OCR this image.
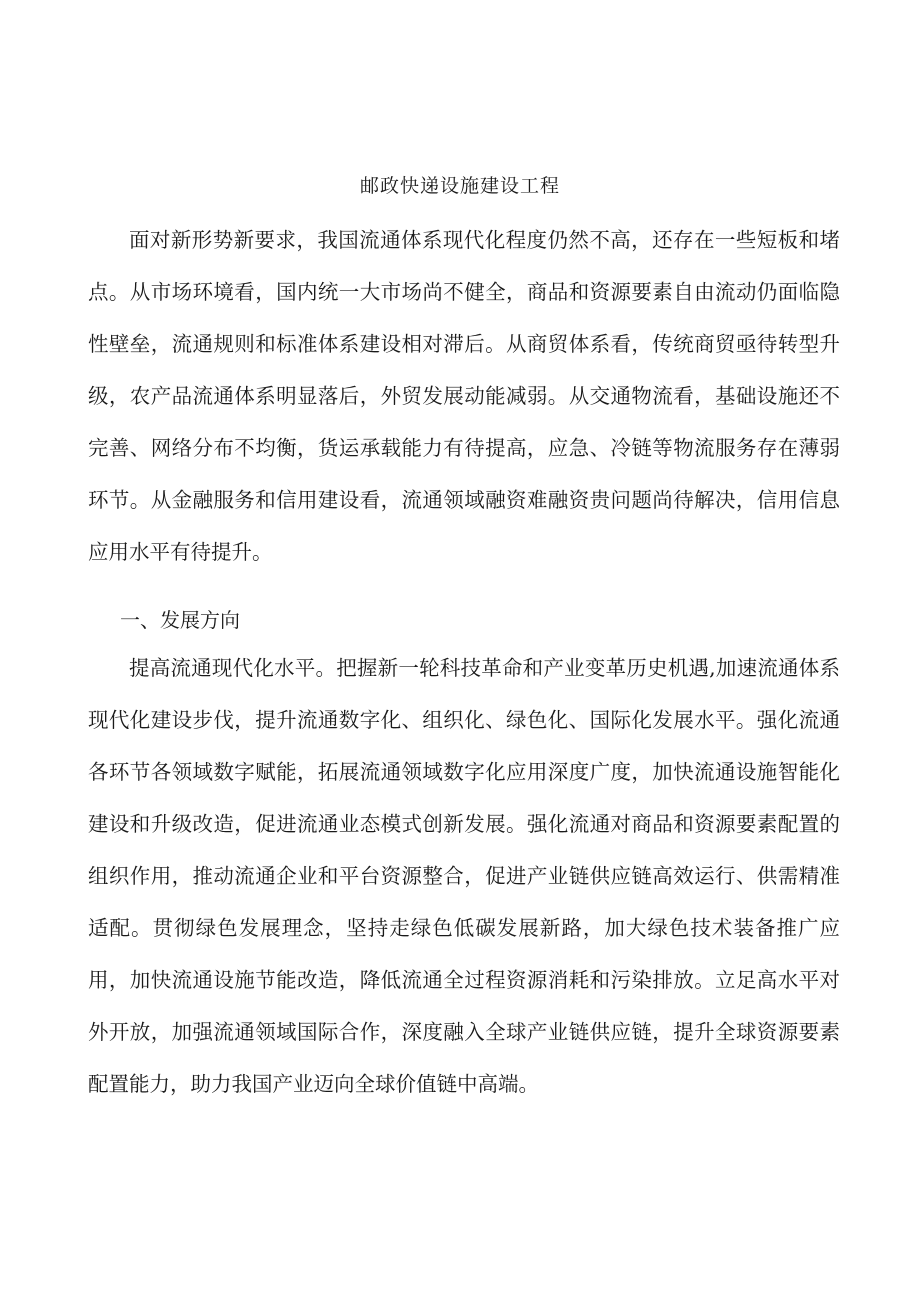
邮政快递设施建设工程

面对新形势新要求，我国流通体系现代化程度仍然不高，还存在一些短板和堵点。从市场环境看，国内统一大市场尚不健全，商品和资源要素自由流动仍面临隐性壁垒，流通规则和标准体系建设相对滞后。从商贸体系看，传统商贸亟待转型升级，农产品流通体系明显落后，外贸发展动能减弱。从交通物流看，基础设施还不完善、网络分布不均衡，货运承载能力有待提高，应急、冷链等物流服务存在薄弱环节。从金融服务和信用建设看，流通领域融资难融资贵问题尚待解决，信用信息应用水平有待提升。

一、发展方向

提高流通现代化水平。把握新一轮科技革命和产业变革历史机遇,加速流通体系现代化建设步伐，提升流通数字化、组织化、绿色化、国际化发展水平。强化流通各环节各领域数字赋能，拓展流通领域数字化应用深度广度，加快流通设施智能化建设和升级改造，促进流通业态模式创新发展。强化流通对商品和资源要素配置的组织作用，推动流通企业和平台资源整合，促进产业链供应链高效运行、供需精准适配。贯彻绿色发展理念，坚持走绿色低碳发展新路，加大绿色技术装备推广应用，加快流通设施节能改造，降低流通全过程资源消耗和污染排放。立足高水平对外开放，加强流通领域国际合作，深度融入全球产业链供应链，提升全球资源要素配置能力，助力我国产业迈向全球价值链中高端。
